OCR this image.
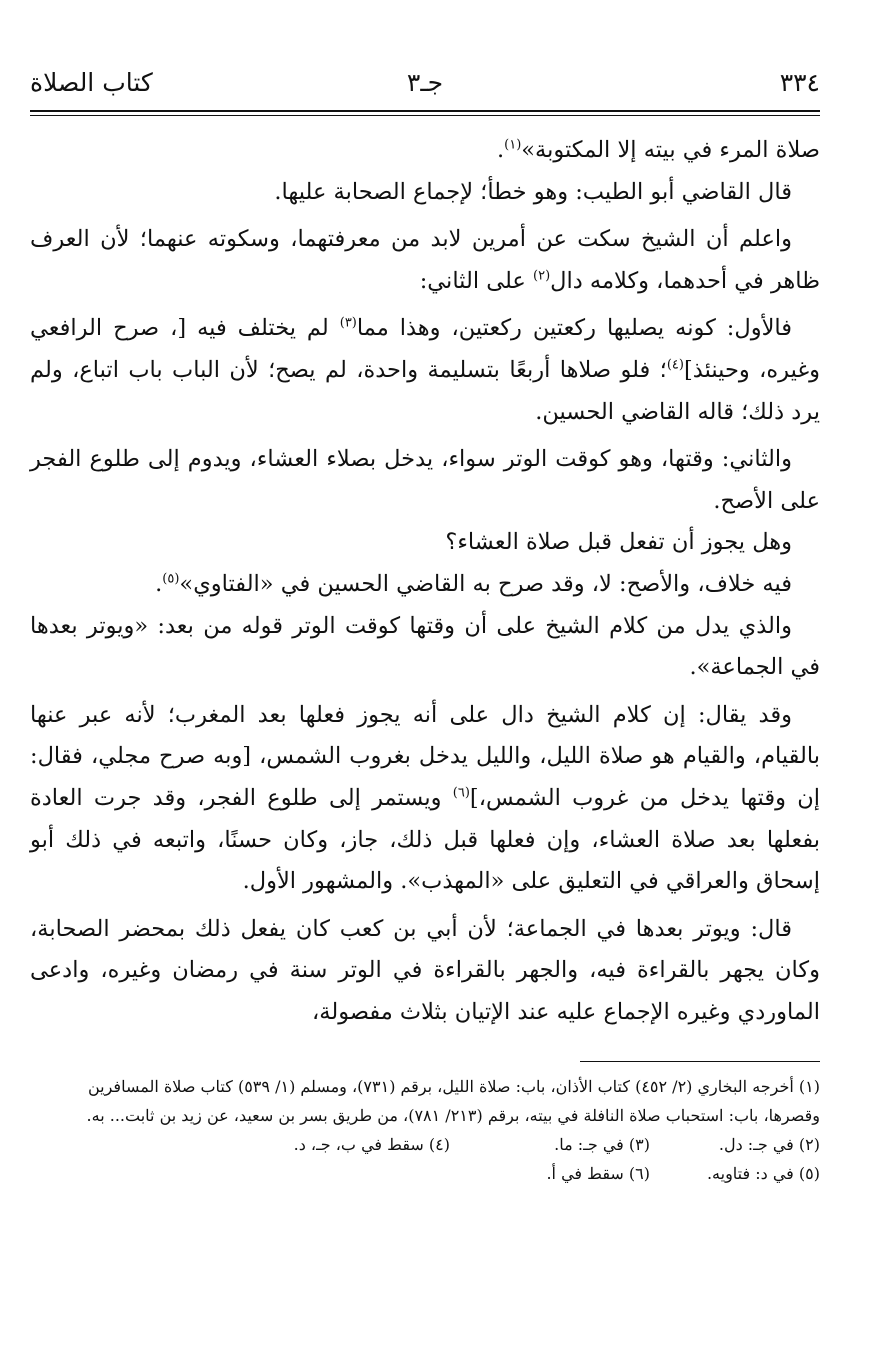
٣٣٤
جـ٣
كتاب الصلاة

صلاة المرء في بيته إلا المكتوبة»$^{(١)}$.

قال القاضي أبو الطيب: وهو خطأ؛ لإجماع الصحابة عليها.

واعلم أن الشيخ سكت عن أمرين لابد من معرفتهما، وسكوته عنهما؛ لأن العرف ظاهر في أحدهما، وكلامه دال$^{(٢)}$ على الثاني:

فالأول: كونه يصليها ركعتين ركعتين، وهذا مما$^{(٣)}$ لم يختلف فيه [، صرح الرافعي وغيره، وحينئذ]$^{(٤)}$؛ فلو صلاها أربعًا بتسليمة واحدة، لم يصح؛ لأن الباب باب اتباع، ولم يرد ذلك؛ قاله القاضي الحسين.

والثاني: وقتها، وهو كوقت الوتر سواء، يدخل بصلاء العشاء، ويدوم إلى طلوع الفجر على الأصح.

وهل يجوز أن تفعل قبل صلاة العشاء؟

فيه خلاف، والأصح: لا، وقد صرح به القاضي الحسين في «الفتاوي»$^{(٥)}$.

والذي يدل من كلام الشيخ على أن وقتها كوقت الوتر قوله من بعد: «ويوتر بعدها في الجماعة».

وقد يقال: إن كلام الشيخ دال على أنه يجوز فعلها بعد المغرب؛ لأنه عبر عنها بالقيام، والقيام هو صلاة الليل، والليل يدخل بغروب الشمس، [وبه صرح مجلي، فقال: إن وقتها يدخل من غروب الشمس،]$^{(٦)}$ ويستمر إلى طلوع الفجر، وقد جرت العادة بفعلها بعد صلاة العشاء، وإن فعلها قبل ذلك، جاز، وكان حسنًا، واتبعه في ذلك أبو إسحاق والعراقي في التعليق على «المهذب». والمشهور الأول.

قال: ويوتر بعدها في الجماعة؛ لأن أبي بن كعب كان يفعل ذلك بمحضر الصحابة، وكان يجهر بالقراءة فيه، والجهر بالقراءة في الوتر سنة في رمضان وغيره، وادعى الماوردي وغيره الإجماع عليه عند الإتيان بثلاث مفصولة،

(١) أخرجه البخاري (٢/ ٤٥٢) كتاب الأذان، باب: صلاة الليل، برقم (٧٣١)، ومسلم (١/ ٥٣٩) كتاب صلاة المسافرين وقصرها، باب: استحباب صلاة النافلة في بيته، برقم (٢١٣/ ٧٨١)، من طريق بسر بن سعيد، عن زيد بن ثابت... به.

(٢) في جـ: دل.(٣) في جـ: ما.(٤) سقط في ب، جـ، د.

(٥) في د: فتاويه.(٦) سقط في أ.
